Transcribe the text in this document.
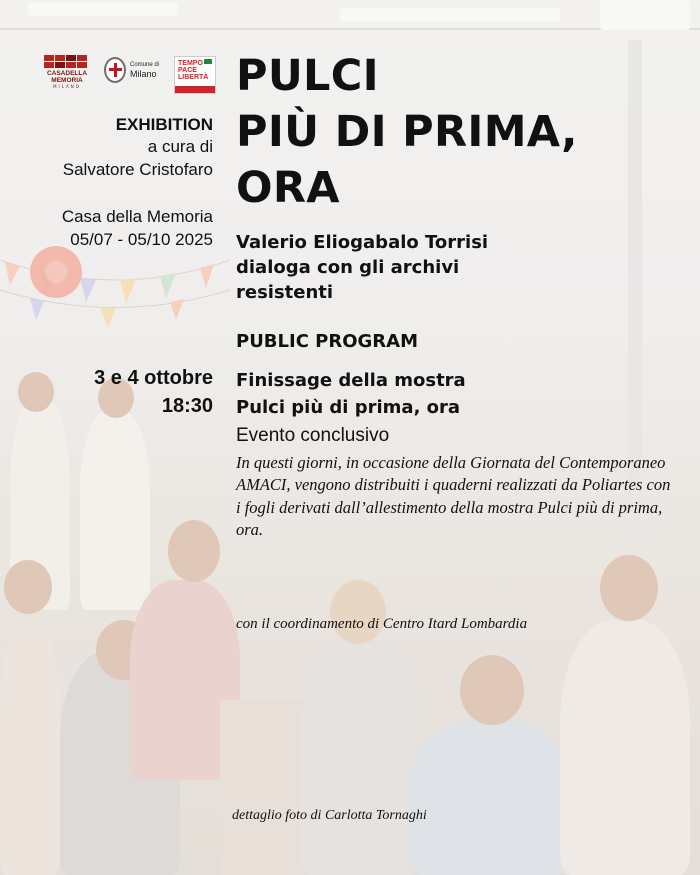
CASADELLA
MEMORIA
MILANO
Comune di
Milano
TEMPO PACE LIBERTÀ
EXHIBITION
a cura di
Salvatore Cristofaro
Casa della Memoria
05/07 - 05/10 2025
3 e 4 ottobre
18:30
PULCI
PIÙ DI PRIMA,
ORA
Valerio Eliogabalo Torrisi
dialoga con gli archivi
resistenti
PUBLIC PROGRAM
Finissage della mostra
Pulci più di prima, ora
Evento conclusivo
In questi giorni, in occasione della Giornata del Contemporaneo AMACI, vengono distribuiti i quaderni realizzati da Poliartes con i fogli derivati dall’allestimento della mostra Pulci più di prima, ora.
con il coordinamento di Centro Itard Lombardia
dettaglio foto di Carlotta Tornaghi
